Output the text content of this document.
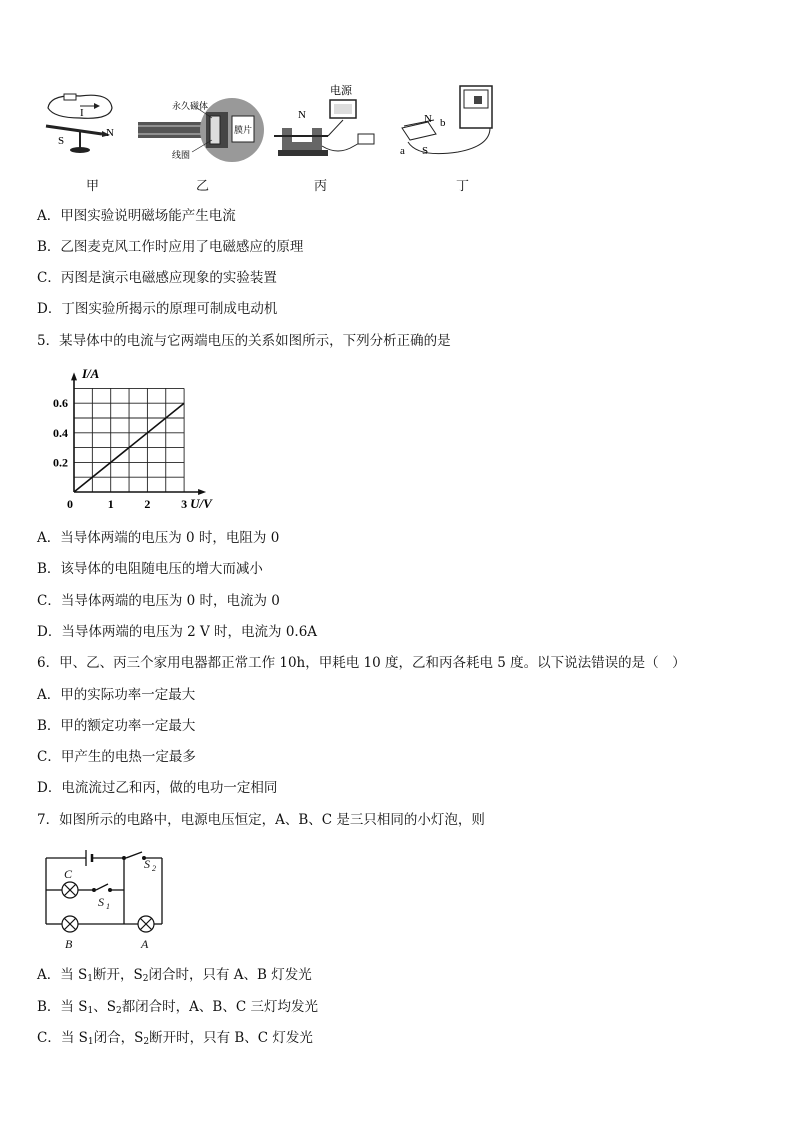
I
S
N
甲
永久磁体
线圈
膜片
乙
电源
N
丙
N b
a S
丁
A．甲图实验说明磁场能产生电流
B．乙图麦克风工作时应用了电磁感应的原理
C．丙图是演示电磁感应现象的实验装置
D．丁图实验所揭示的原理可制成电动机
5．某导体中的电流与它两端电压的关系如图所示，下列分析正确的是
0.2
0.4
0.6
1	2	3
0
I/A
U/V
A．当导体两端的电压为 0 时，电阻为 0
B．该导体的电阻随电压的增大而减小
C．当导体两端的电压为 0 时，电流为 0
D．当导体两端的电压为 2 V 时，电流为 0.6A
6．甲、乙、丙三个家用电器都正常工作 10h，甲耗电 10 度，乙和丙各耗电 5 度。以下说法错误的是（　）
A．甲的实际功率一定最大
B．甲的额定功率一定最大
C．甲产生的电热一定最多
D．电流流过乙和丙，做的电功一定相同
7．如图所示的电路中，电源电压恒定，A、B、C 是三只相同的小灯泡，则
C
B	A
S 1
S 2
A．当 $S_1$断开，$S_2$闭合时，只有 A、B 灯发光
B．当 $S_1$、$S_2$都闭合时，A、B、C 三灯均发光
C．当 $S_1$闭合，$S_2$断开时，只有 B、C 灯发光
